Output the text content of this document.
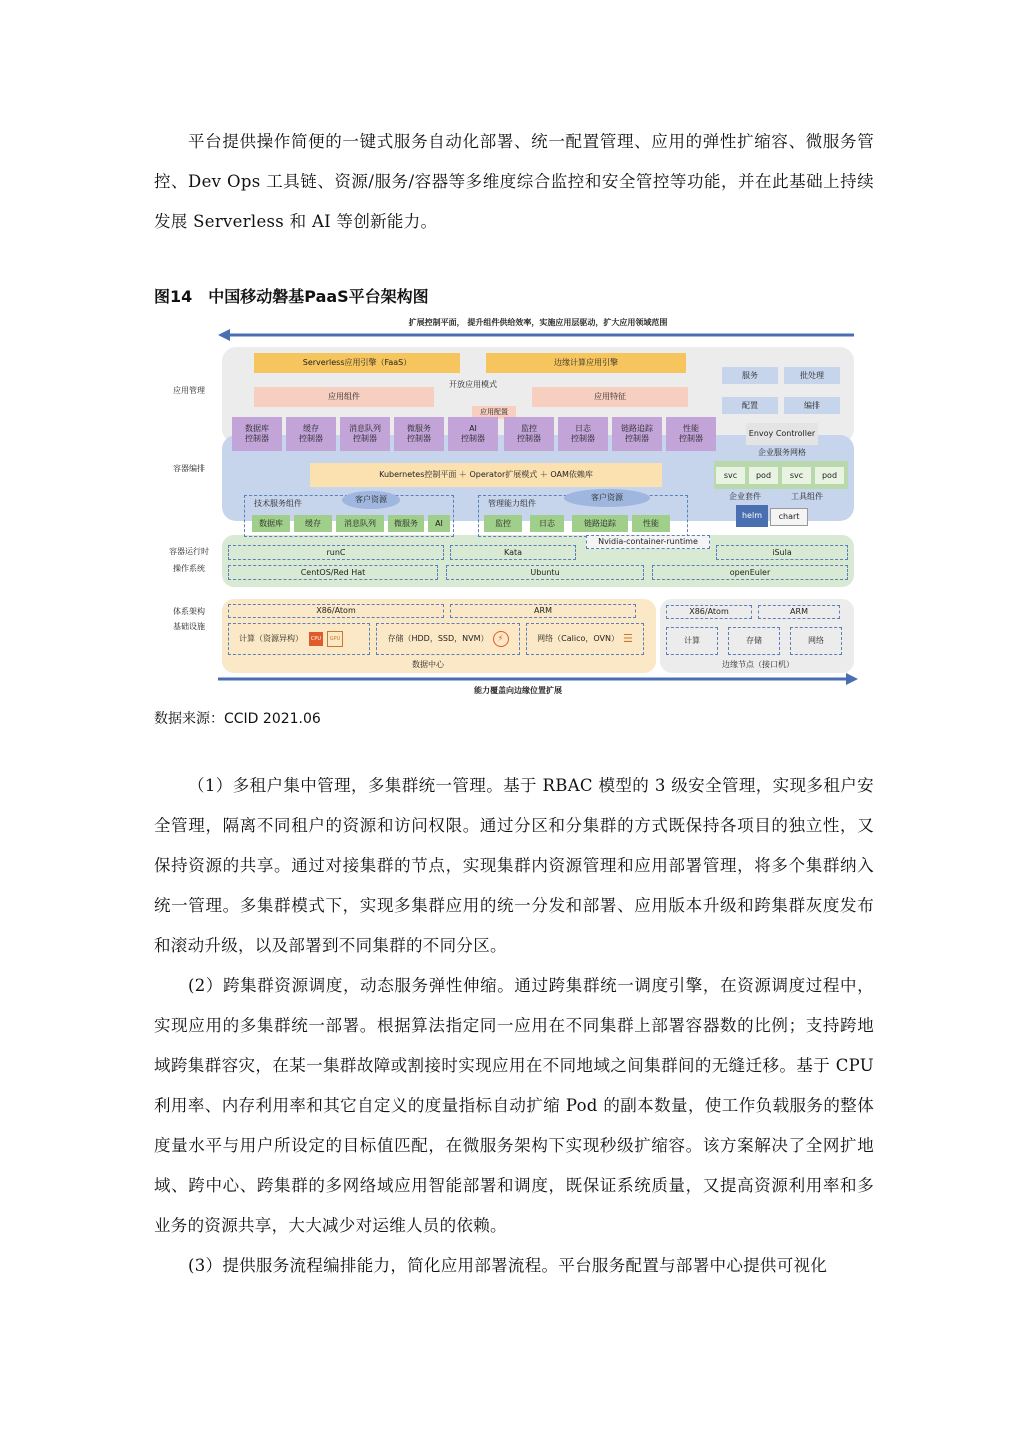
平台提供操作简便的一键式服务自动化部署、统一配置管理、应用的弹性扩缩容、微服务管控、Dev Ops 工具链、资源/服务/容器等多维度综合监控和安全管控等功能，并在此基础上持续发展 Serverless 和 AI 等创新能力。

图14　中国移动磐基PaaS平台架构图
扩展控制平面， 提升组件供给效率，实施应用层驱动，扩大应用领域范围
应用管理
容器编排
容器运行时
操作系统
体系架构
基础设施
Serverless应用引擎（FaaS）	边缘计算应用引擎
开放应用模式
应用组件	应用特征
应用配置
数据库
控制器
缓存
控制器
消息队列
控制器
微服务
控制器
AI
控制器
监控
控制器
日志
控制器
链路追踪
控制器
性能
控制器
服务	批处理
配置	编排
Envoy Controller
企业服务网格
svc	pod	svc	pod
企业套件	工具组件
helm	chart
Kubernetes控制平面 ＋ Operator扩展模式 ＋ OAM依赖库
技术服务组件	客户资源
数据库	缓存	消息队列	微服务	AI
管理能力组件
客户资源
监控	日志	链路追踪	性能
Nvidia-container-runtime
runC	Kata	iSula
CentOS/Red Hat	Ubuntu	openEuler
X86/Atom	ARM
计算（资源异构）	CPU	GPU	存储（HDD，SSD，NVM） ⚡	网络（Calico，OVN） ☰
数据中心
X86/Atom	ARM
计算	存储	网络
边缘节点（接口机）
能力覆盖向边缘位置扩展
数据来源：CCID 2021.06

（1）多租户集中管理，多集群统一管理。基于 RBAC 模型的 3 级安全管理，实现多租户安全管理，隔离不同租户的资源和访问权限。通过分区和分集群的方式既保持各项目的独立性，又保持资源的共享。通过对接集群的节点，实现集群内资源管理和应用部署管理，将多个集群纳入统一管理。多集群模式下，实现多集群应用的统一分发和部署、应用版本升级和跨集群灰度发布和滚动升级，以及部署到不同集群的不同分区。

(2）跨集群资源调度，动态服务弹性伸缩。通过跨集群统一调度引擎，在资源调度过程中，实现应用的多集群统一部署。根据算法指定同一应用在不同集群上部署容器数的比例；支持跨地域跨集群容灾，在某一集群故障或割接时实现应用在不同地域之间集群间的无缝迁移。基于 CPU 利用率、内存利用率和其它自定义的度量指标自动扩缩 Pod 的副本数量，使工作负载服务的整体度量水平与用户所设定的目标值匹配，在微服务架构下实现秒级扩缩容。该方案解决了全网扩地域、跨中心、跨集群的多网络域应用智能部署和调度，既保证系统质量，又提高资源利用率和多业务的资源共享，大大减少对运维人员的依赖。

(3）提供服务流程编排能力，简化应用部署流程。平台服务配置与部署中心提供可视化
